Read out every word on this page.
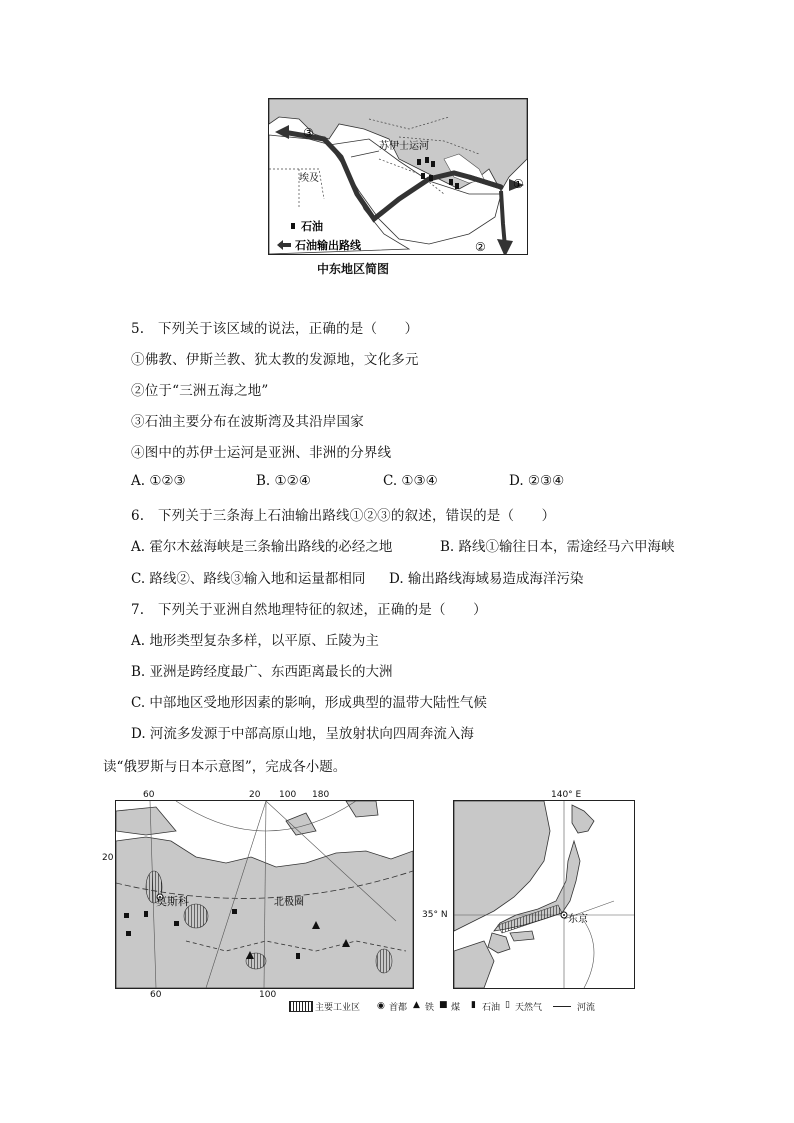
①
②
③
苏伊士运河
埃及
石油
石油输出路线
中东地区简图
5.　下列关于该区域的说法，正确的是（　　）
①佛教、伊斯兰教、犹太教的发源地，文化多元
②位于“三洲五海之地”
③石油主要分布在波斯湾及其沿岸国家
④图中的苏伊士运河是亚洲、非洲的分界线
A. ①②③	B. ①②④	C. ①③④	D. ②③④
6.　下列关于三条海上石油输出路线①②③的叙述，错误的是（　　）
A. 霍尔木兹海峡是三条输出路线的必经之地	B. 路线①输往日本，需途经马六甲海峡
C. 路线②、路线③输入地和运量都相同 D. 输出路线海域易造成海洋污染
7.　下列关于亚洲自然地理特征的叙述，正确的是（　　）
A. 地形类型复杂多样，以平原、丘陵为主
B. 亚洲是跨经度最广、东西距离最长的大洲
C. 中部地区受地形因素的影响，形成典型的温带大陆性气候
D. 河流多发源于中部高原山地，呈放射状向四周奔流入海
读“俄罗斯与日本示意图”，完成各小题。
莫斯科	北极圈
60	20 100 180
20
60	100
东京
140° E
35° N
主要工业区 ◉ 首都 ▲ 铁 ■ 煤 ▮ 石油 ▯ 天然气	河流
